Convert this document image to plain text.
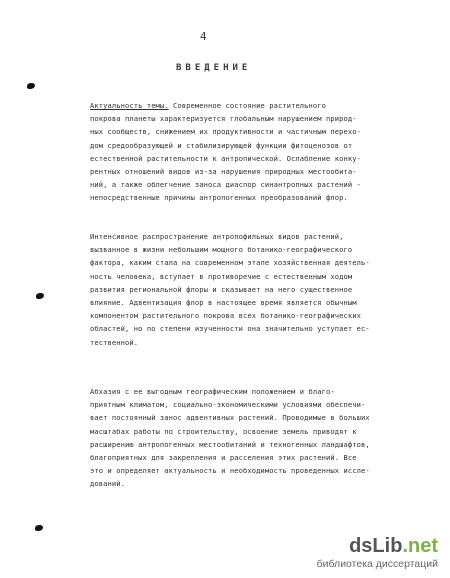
4
ВВЕДЕНИЕ

Актуальность темы. Современное состояние растительного
покрова планеты характеризуется глобальным нарушением природ-
ных сообществ, снижением их продуктивности и частичным перехо-
дом средообразующей и стабилизирующей функции фитоценозов от
естественной растительности к антропической. Ослабление конку-
рентных отношений видов из-за нарушения природных местообита-
ний, а также облегчение заноса диаспор синантропных растений -
непосредственные причины антропогенных преобразований флор.

Интенсивное распространение антропофильных видов растений,
вызванное в жизни небольшим мощного ботанико-географического
фактора, каким стала на современном этапе хозяйственная деятель-
ность человека, вступает в противоречие с естественным ходом
развития региональной флоры и сказывает на него существенное
влияние. Адвентизация флор в настоящее время является обычным
компонентом растительного покрова всех ботанико-географических
областей, но по степени изученности она значительно уступает ес-
тественной.

Абхазия с ее выгодным географическим положением и благо-
приятным климатом, социально-экономическими условиями обеспечи-
вает постоянный занос адвентивных растений. Проводимые в больших
масштабах работы по строительству, освоение земель приводят к
расширению антропогенных местообитаний и техногенных ландшафтов,
благоприятных для закрепления и расселения этих растений. Все
это и определяет актуальность и необходимость проведенных иссле-
дований.

dsLib.net
библиотека диссертаций
